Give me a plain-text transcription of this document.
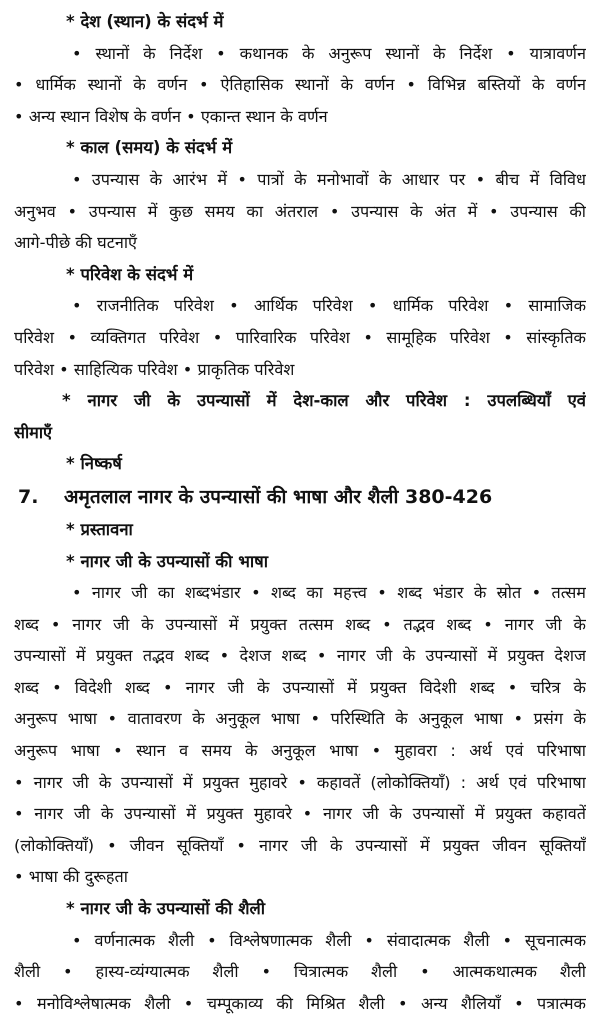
* देश (स्थान) के संदर्भ में
• स्थानों के निर्देश • कथानक के अनुरूप स्थानों के निर्देश • यात्रावर्णन
• धार्मिक स्थानों के वर्णन • ऐतिहासिक स्थानों के वर्णन • विभिन्न बस्तियों के वर्णन
• अन्य स्थान विशेष के वर्णन • एकान्त स्थान के वर्णन
* काल (समय) के संदर्भ में
• उपन्यास के आरंभ में • पात्रों के मनोभावों के आधार पर • बीच में विविध
अनुभव • उपन्यास में कुछ समय का अंतराल • उपन्यास के अंत में • उपन्यास की
आगे-पीछे की घटनाएँ
* परिवेश के संदर्भ में
• राजनीतिक परिवेश • आर्थिक परिवेश • धार्मिक परिवेश • सामाजिक
परिवेश • व्यक्तिगत परिवेश • पारिवारिक परिवेश • सामूहिक परिवेश • सांस्कृतिक
परिवेश • साहित्यिक परिवेश • प्राकृतिक परिवेश
* नागर जी के उपन्यासों में देश-काल और परिवेश : उपलब्धियाँ एवं
सीमाएँ
* निष्कर्ष
7. अमृतलाल नागर के उपन्यासों की भाषा और शैली 380-426
* प्रस्तावना
* नागर जी के उपन्यासों की भाषा
• नागर जी का शब्दभंडार • शब्द का महत्त्व • शब्द भंडार के स्रोत • तत्सम
शब्द • नागर जी के उपन्यासों में प्रयुक्त तत्सम शब्द • तद्भव शब्द • नागर जी के
उपन्यासों में प्रयुक्त तद्भव शब्द • देशज शब्द • नागर जी के उपन्यासों में प्रयुक्त देशज
शब्द • विदेशी शब्द • नागर जी के उपन्यासों में प्रयुक्त विदेशी शब्द • चरित्र के
अनुरूप भाषा • वातावरण के अनुकूल भाषा • परिस्थिति के अनुकूल भाषा • प्रसंग के
अनुरूप भाषा • स्थान व समय के अनुकूल भाषा • मुहावरा : अर्थ एवं परिभाषा
• नागर जी के उपन्यासों में प्रयुक्त मुहावरे • कहावतें (लोकोक्तियाँ) : अर्थ एवं परिभाषा
• नागर जी के उपन्यासों में प्रयुक्त मुहावरे • नागर जी के उपन्यासों में प्रयुक्त कहावतें
(लोकोक्तियाँ) • जीवन सूक्तियाँ • नागर जी के उपन्यासों में प्रयुक्त जीवन सूक्तियाँ
• भाषा की दुरूहता
* नागर जी के उपन्यासों की शैली
• वर्णनात्मक शैली • विश्लेषणात्मक शैली • संवादात्मक शैली • सूचनात्मक
शैली • हास्य-व्यंग्यात्मक शैली • चित्रात्मक शैली • आत्मकथात्मक शैली
• मनोविश्लेषात्मक शैली • चम्पूकाव्य की मिश्रित शैली • अन्य शैलियाँ • पत्रात्मक
